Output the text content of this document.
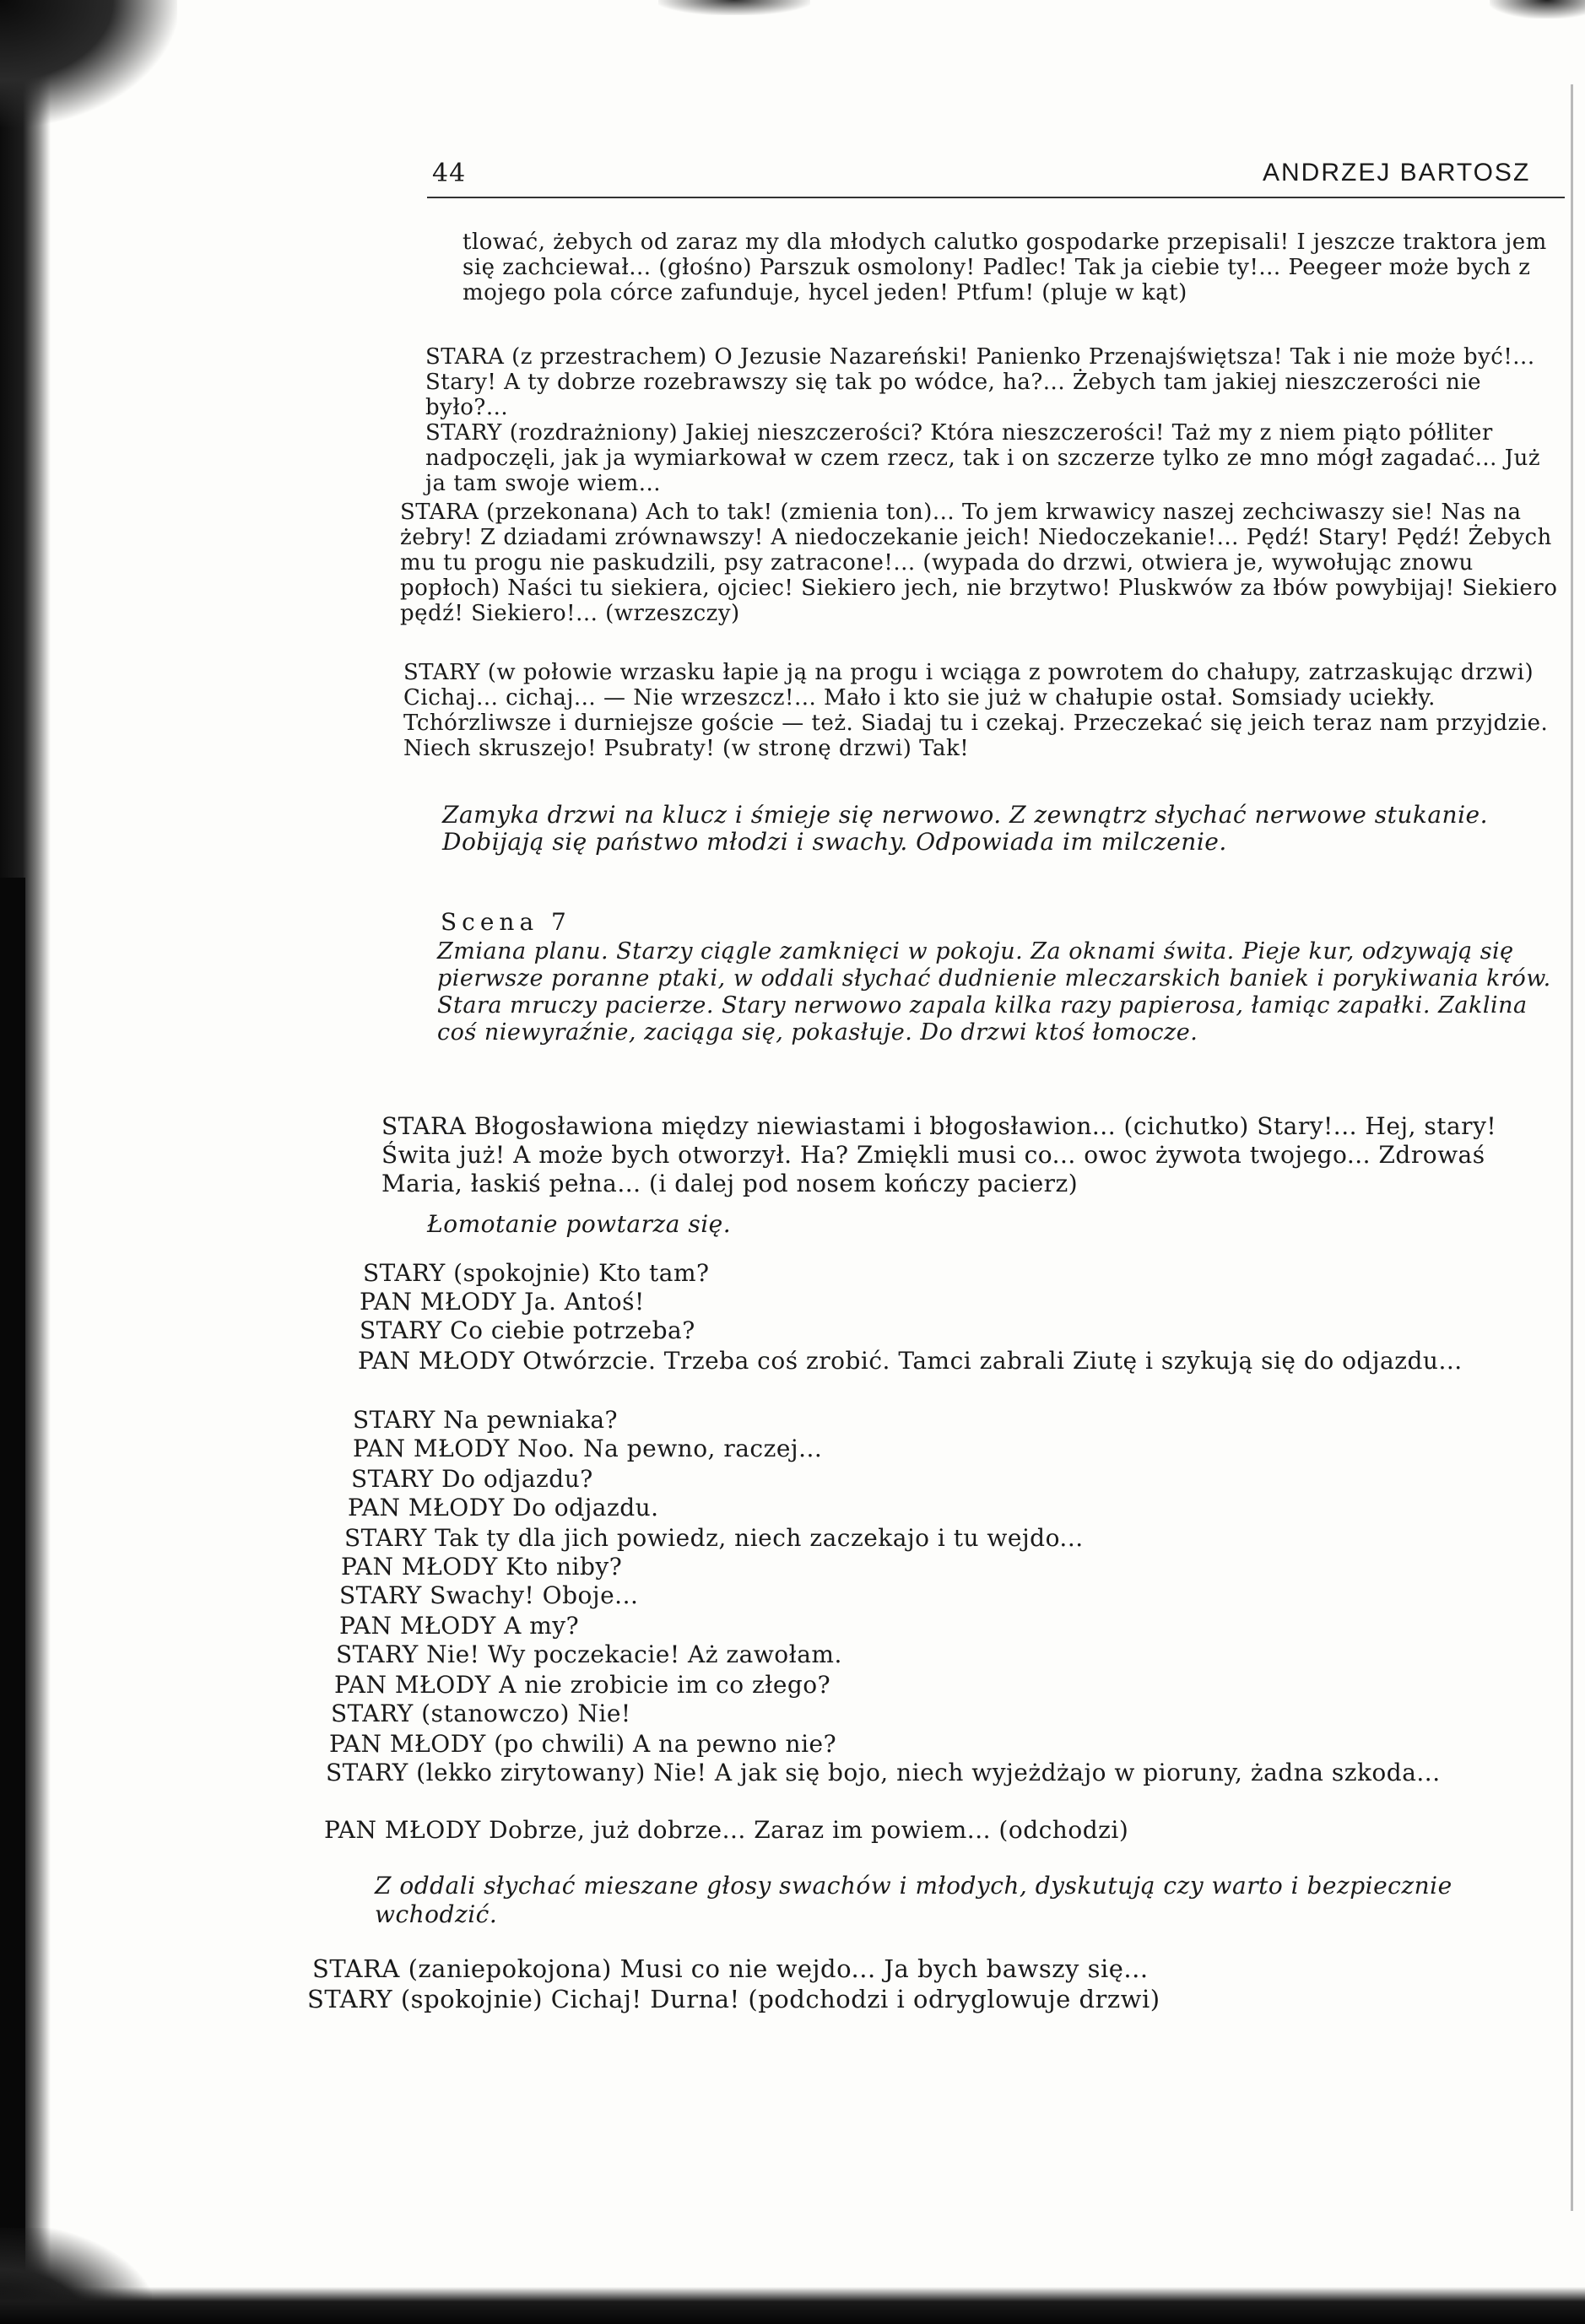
44	ANDRZEJ BARTOSZ
tlować, żebych od zaraz my dla młodych calutko gospodarke przepisali! I jeszcze traktora jem się zachciewał... (głośno) Parszuk osmolony! Padlec! Tak ja ciebie ty!... Peegeer może bych z mojego pola córce zafunduje, hycel jeden! Ptfum! (pluje w kąt)
STARA (z przestrachem) O Jezusie Nazareński! Panienko Przenajświętsza! Tak i nie może być!... Stary! A ty dobrze rozebrawszy się tak po wódce, ha?... Żebych tam jakiej nieszczerości nie było?...
STARY (rozdrażniony) Jakiej nieszczerości? Która nieszczerości! Taż my z niem piąto półliter nadpoczęli, jak ja wymiarkował w czem rzecz, tak i on szczerze tylko ze mno mógł zagadać... Już ja tam swoje wiem...
STARA (przekonana) Ach to tak! (zmienia ton)... To jem krwawicy naszej zechciwaszy sie! Nas na żebry! Z dziadami zrównawszy! A niedoczekanie jeich! Niedoczekanie!... Pędź! Stary! Pędź! Żebych mu tu progu nie paskudzili, psy zatracone!... (wypada do drzwi, otwiera je, wywołując znowu popłoch) Naści tu siekiera, ojciec! Siekiero jech, nie brzytwo! Pluskwów za łbów powybijaj! Siekiero pędź! Siekiero!... (wrzeszczy)
STARY (w połowie wrzasku łapie ją na progu i wciąga z powrotem do chałupy, zatrzaskując drzwi) Cichaj... cichaj... — Nie wrzeszcz!... Mało i kto sie już w chałupie ostał. Somsiady uciekły. Tchórzliwsze i durniejsze goście — też. Siadaj tu i czekaj. Przeczekać się jeich teraz nam przyjdzie. Niech skruszejo! Psubraty! (w stronę drzwi) Tak!
Zamyka drzwi na klucz i śmieje się nerwowo. Z zewnątrz słychać nerwowe stukanie. Dobijają się państwo młodzi i swachy. Odpowiada im milczenie.
Zmiana planu. Starzy ciągle zamknięci w pokoju. Za oknami świta. Pieje kur, odzywają się pierwsze poranne ptaki, w oddali słychać dudnienie mleczarskich baniek i porykiwania krów. Stara mruczy pacierze. Stary nerwowo zapala kilka razy papierosa, łamiąc zapałki. Zaklina coś niewyraźnie, zaciąga się, pokasłuje. Do drzwi ktoś łomocze.
STARA Błogosławiona między niewiastami i błogosławion... (cichutko) Stary!... Hej, stary! Świta już! A może bych otworzył. Ha? Zmiękli musi co... owoc żywota twojego... Zdrowaś Maria, łaskiś pełna... (i dalej pod nosem kończy pacierz)
Łomotanie powtarza się.
STARY (spokojnie) Kto tam?
PAN MŁODY Ja. Antoś!
STARY Co ciebie potrzeba?
PAN MŁODY Otwórzcie. Trzeba coś zrobić. Tamci zabrali Ziutę i szykują się do odjazdu...
STARY Na pewniaka?
PAN MŁODY Noo. Na pewno, raczej...
STARY Do odjazdu?
PAN MŁODY Do odjazdu.
STARY Tak ty dla jich powiedz, niech zaczekajo i tu wejdo...
PAN MŁODY Kto niby?
STARY Swachy! Oboje...
PAN MŁODY A my?
STARY Nie! Wy poczekacie! Aż zawołam.
PAN MŁODY A nie zrobicie im co złego?
STARY (stanowczo) Nie!
PAN MŁODY (po chwili) A na pewno nie?
STARY (lekko zirytowany) Nie! A jak się bojo, niech wyjeżdżajo w pioruny, żadna szkoda...
PAN MŁODY Dobrze, już dobrze... Zaraz im powiem... (odchodzi)
Z oddali słychać mieszane głosy swachów i młodych, dyskutują czy warto i bezpiecznie wchodzić.
STARA (zaniepokojona) Musi co nie wejdo... Ja bych bawszy się...
STARY (spokojnie) Cichaj! Durna! (podchodzi i odryglowuje drzwi)
Scena 7
